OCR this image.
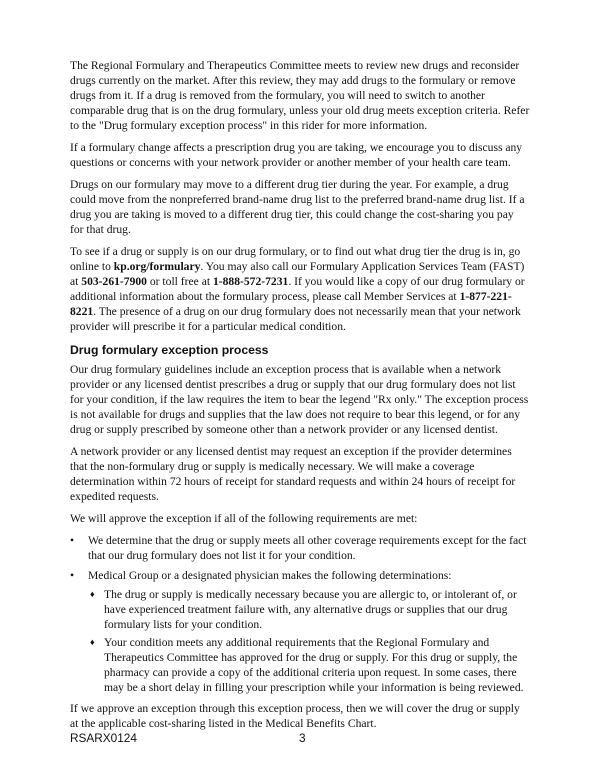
The Regional Formulary and Therapeutics Committee meets to review new drugs and reconsider drugs currently on the market. After this review, they may add drugs to the formulary or remove drugs from it. If a drug is removed from the formulary, you will need to switch to another comparable drug that is on the drug formulary, unless your old drug meets exception criteria. Refer to the "Drug formulary exception process" in this rider for more information.

If a formulary change affects a prescription drug you are taking, we encourage you to discuss any questions or concerns with your network provider or another member of your health care team.

Drugs on our formulary may move to a different drug tier during the year. For example, a drug could move from the nonpreferred brand-name drug list to the preferred brand-name drug list. If a drug you are taking is moved to a different drug tier, this could change the cost-sharing you pay for that drug.

To see if a drug or supply is on our drug formulary, or to find out what drug tier the drug is in, go online to kp.org/formulary. You may also call our Formulary Application Services Team (FAST) at 503-261-7900 or toll free at 1-888-572-7231. If you would like a copy of our drug formulary or additional information about the formulary process, please call Member Services at 1-877-221-8221. The presence of a drug on our drug formulary does not necessarily mean that your network provider will prescribe it for a particular medical condition.

Drug formulary exception process

Our drug formulary guidelines include an exception process that is available when a network provider or any licensed dentist prescribes a drug or supply that our drug formulary does not list for your condition, if the law requires the item to bear the legend "Rx only." The exception process is not available for drugs and supplies that the law does not require to bear this legend, or for any drug or supply prescribed by someone other than a network provider or any licensed dentist.

A network provider or any licensed dentist may request an exception if the provider determines that the non-formulary drug or supply is medically necessary. We will make a coverage determination within 72 hours of receipt for standard requests and within 24 hours of receipt for expedited requests.

We will approve the exception if all of the following requirements are met:

• We determine that the drug or supply meets all other coverage requirements except for the fact that our drug formulary does not list it for your condition.
• Medical Group or a designated physician makes the following determinations:
♦ The drug or supply is medically necessary because you are allergic to, or intolerant of, or have experienced treatment failure with, any alternative drugs or supplies that our drug formulary lists for your condition.
♦ Your condition meets any additional requirements that the Regional Formulary and Therapeutics Committee has approved for the drug or supply. For this drug or supply, the pharmacy can provide a copy of the additional criteria upon request. In some cases, there may be a short delay in filling your prescription while your information is being reviewed.

If we approve an exception through this exception process, then we will cover the drug or supply at the applicable cost-sharing listed in the Medical Benefits Chart.

RSARX0124	3
